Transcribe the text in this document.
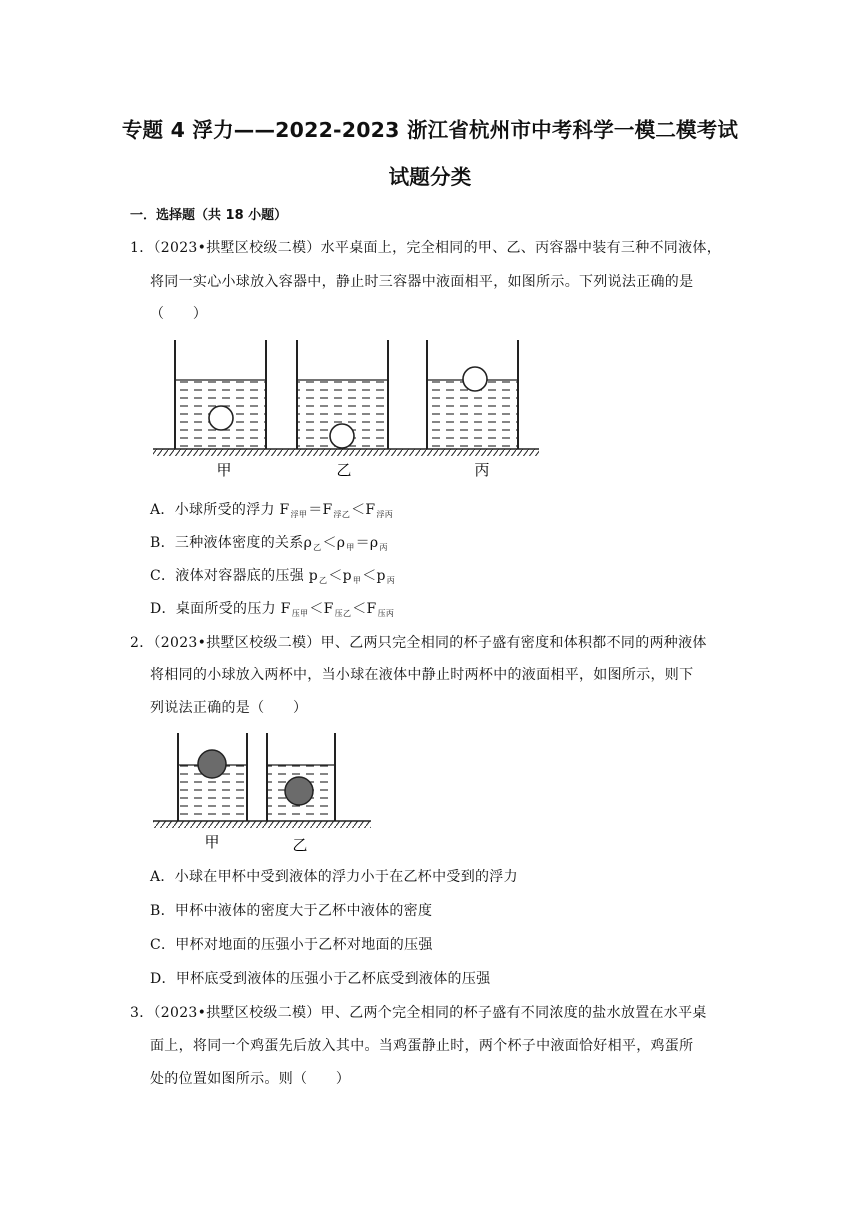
专题 4 浮力——2022-2023 浙江省杭州市中考科学一模二模考试
试题分类
一．选择题（共 18 小题）
1．（2023•拱墅区校级二模）水平桌面上，完全相同的甲、乙、丙容器中装有三种不同液体，
将同一实心小球放入容器中，静止时三容器中液面相平，如图所示。下列说法正确的是
（　　）
甲	乙	丙
A．小球所受的浮力 $F_{浮甲}=F_{浮乙}<F_{浮丙}$
B．三种液体密度的关系$\rho_乙<\rho_甲=\rho_丙$
C．液体对容器底的压强 $p_乙<p_甲<p_丙$
D．桌面所受的压力 $F_{压甲}<F_{压乙}<F_{压丙}$
2．（2023•拱墅区校级二模）甲、乙两只完全相同的杯子盛有密度和体积都不同的两种液体
将相同的小球放入两杯中，当小球在液体中静止时两杯中的液面相平，如图所示，则下
列说法正确的是（　　）
甲	乙
A．小球在甲杯中受到液体的浮力小于在乙杯中受到的浮力
B．甲杯中液体的密度大于乙杯中液体的密度
C．甲杯对地面的压强小于乙杯对地面的压强
D．甲杯底受到液体的压强小于乙杯底受到液体的压强
3．（2023•拱墅区校级二模）甲、乙两个完全相同的杯子盛有不同浓度的盐水放置在水平桌
面上，将同一个鸡蛋先后放入其中。当鸡蛋静止时，两个杯子中液面恰好相平，鸡蛋所
处的位置如图所示。则（　　）
